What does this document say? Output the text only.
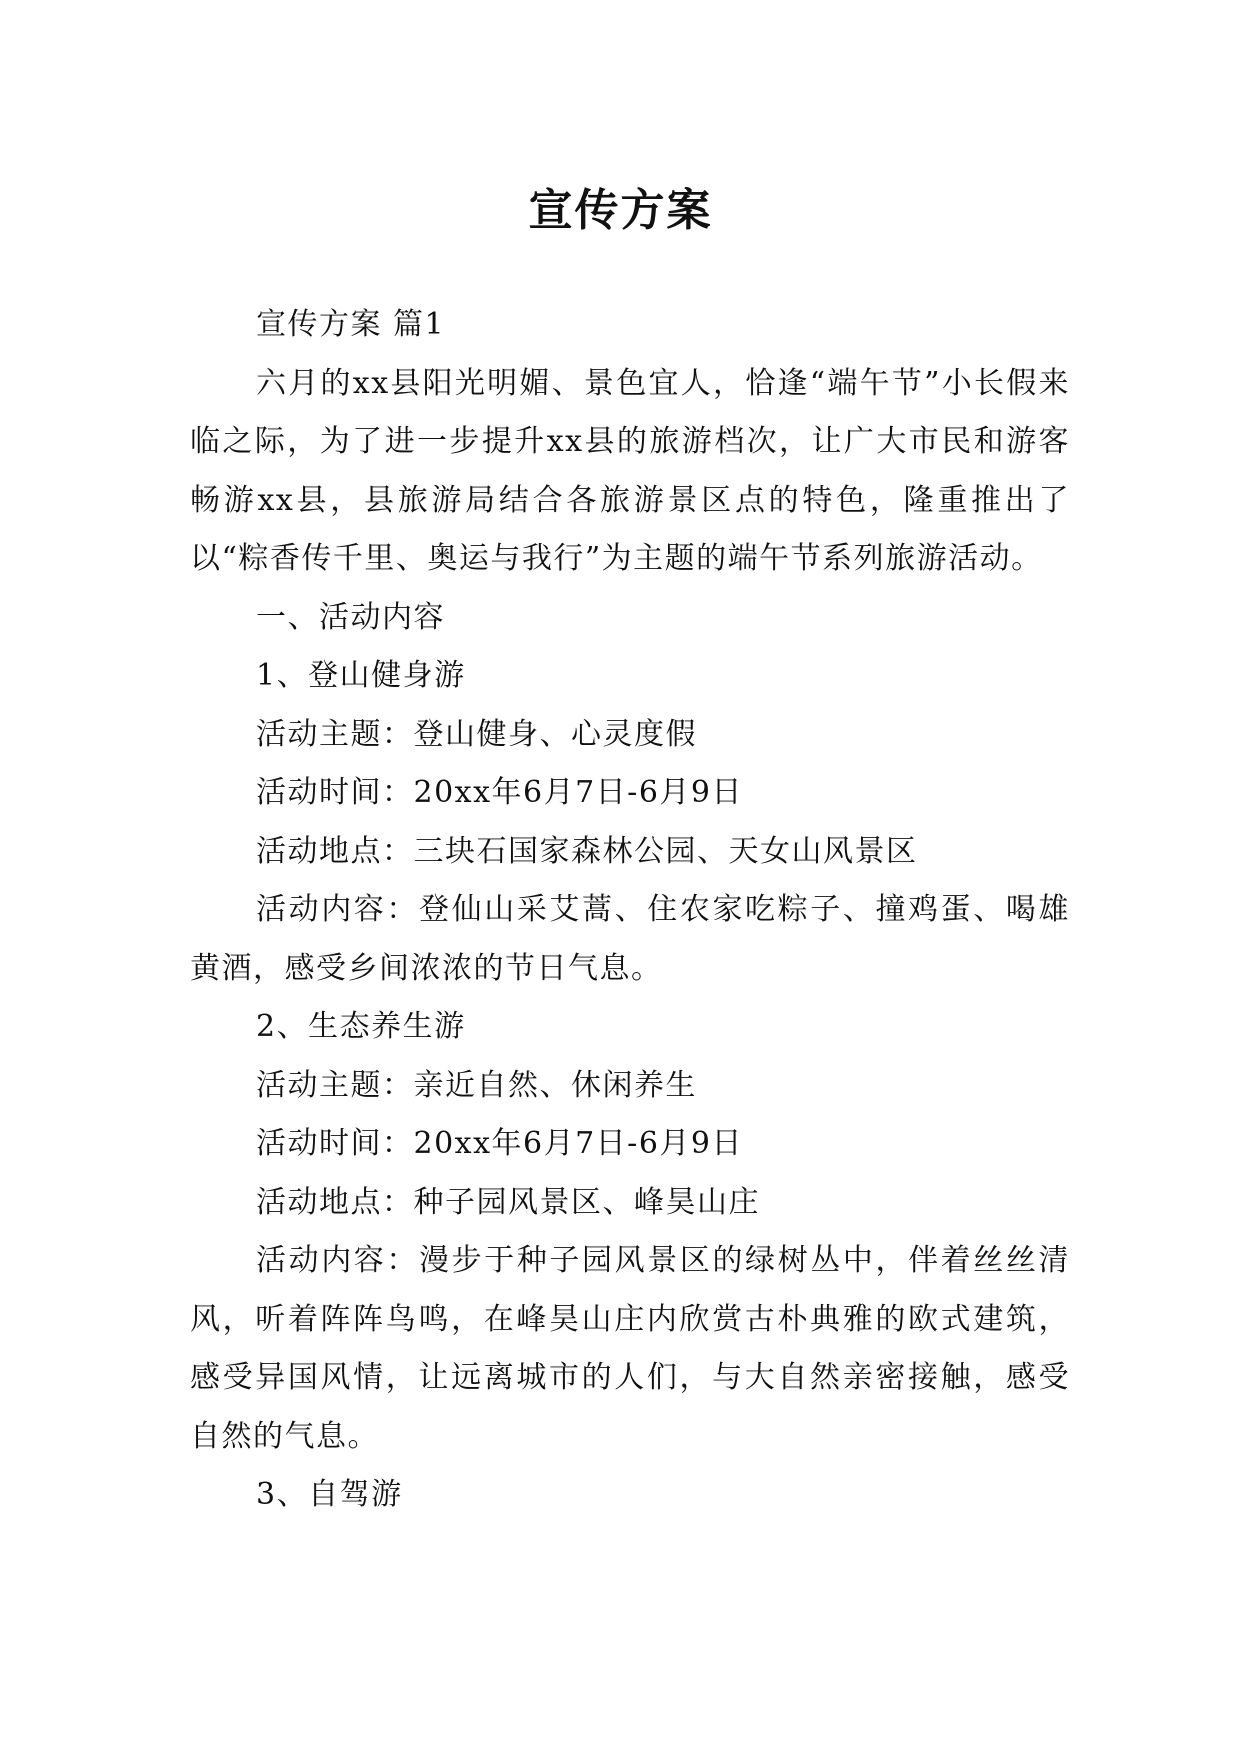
宣传方案

宣传方案 篇1

六月的xx县阳光明媚、景色宜人，恰逢“端午节”小长假来临之际，为了进一步提升xx县的旅游档次，让广大市民和游客畅游xx县，县旅游局结合各旅游景区点的特色，隆重推出了以“粽香传千里、奥运与我行”为主题的端午节系列旅游活动。

一、活动内容

1、登山健身游

活动主题：登山健身、心灵度假

活动时间：20xx年6月7日-6月9日

活动地点：三块石国家森林公园、天女山风景区

活动内容：登仙山采艾蒿、住农家吃粽子、撞鸡蛋、喝雄黄酒，感受乡间浓浓的节日气息。

2、生态养生游

活动主题：亲近自然、休闲养生

活动时间：20xx年6月7日-6月9日

活动地点：种子园风景区、峰昊山庄

活动内容：漫步于种子园风景区的绿树丛中，伴着丝丝清风，听着阵阵鸟鸣，在峰昊山庄内欣赏古朴典雅的欧式建筑，感受异国风情，让远离城市的人们，与大自然亲密接触，感受自然的气息。

3、自驾游
